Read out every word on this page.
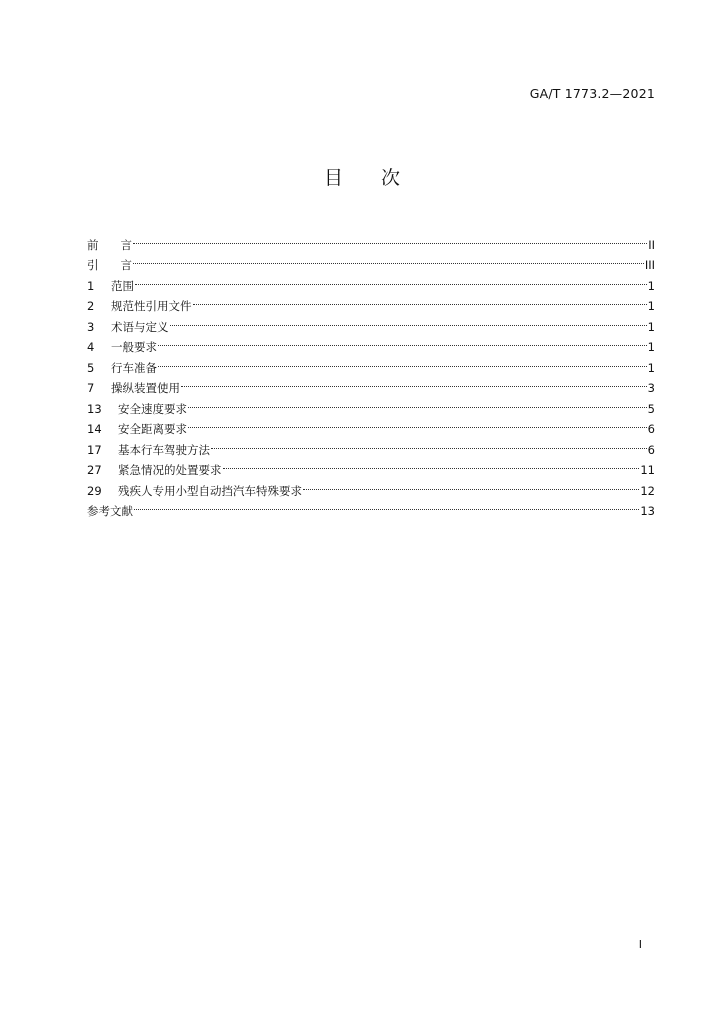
GA/T 1773.2—2021
目 次
前 言	II
引 言	III
1	范围	1
2	规范性引用文件	1
3	术语与定义	1
4	一般要求	1
5	行车准备	1
7	操纵装置使用	3
13	安全速度要求	5
14	安全距离要求	6
17	基本行车驾驶方法	6
27	紧急情况的处置要求	11
29	残疾人专用小型自动挡汽车特殊要求	12
参考文献	13
I
